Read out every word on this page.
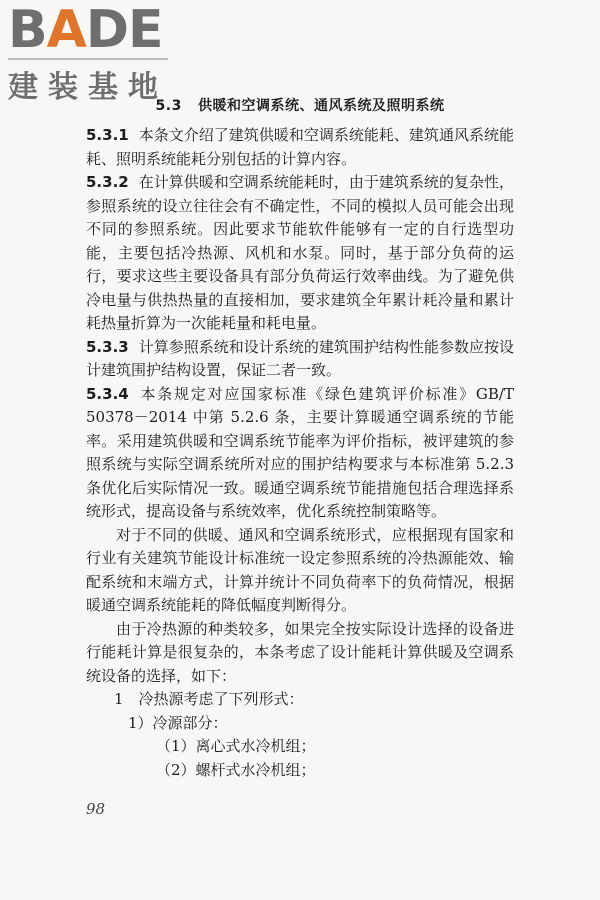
BADE
建装基地
5.3 供暖和空调系统、通风系统及照明系统

5.3.1 本条文介绍了建筑供暖和空调系统能耗、建筑通风系统能耗、照明系统能耗分别包括的计算内容。

5.3.2 在计算供暖和空调系统能耗时，由于建筑系统的复杂性，参照系统的设立往往会有不确定性，不同的模拟人员可能会出现不同的参照系统。因此要求节能软件能够有一定的自行选型功能，主要包括冷热源、风机和水泵。同时，基于部分负荷的运行，要求这些主要设备具有部分负荷运行效率曲线。为了避免供冷电量与供热热量的直接相加，要求建筑全年累计耗冷量和累计耗热量折算为一次能耗量和耗电量。

5.3.3 计算参照系统和设计系统的建筑围护结构性能参数应按设计建筑围护结构设置，保证二者一致。

5.3.4 本条规定对应国家标准《绿色建筑评价标准》GB/T 50378－2014 中第 5.2.6 条，主要计算暖通空调系统的节能率。采用建筑供暖和空调系统节能率为评价指标，被评建筑的参照系统与实际空调系统所对应的围护结构要求与本标准第 5.2.3 条优化后实际情况一致。暖通空调系统节能措施包括合理选择系统形式，提高设备与系统效率，优化系统控制策略等。

对于不同的供暖、通风和空调系统形式，应根据现有国家和行业有关建筑节能设计标准统一设定参照系统的冷热源能效、输配系统和末端方式，计算并统计不同负荷率下的负荷情况，根据暖通空调系统能耗的降低幅度判断得分。

由于冷热源的种类较多，如果完全按实际设计选择的设备进行能耗计算是很复杂的，本条考虑了设计能耗计算供暖及空调系统设备的选择，如下：

1　冷热源考虑了下列形式：

1）冷源部分：

（1）离心式水冷机组；

（2）螺杆式水冷机组；

98
